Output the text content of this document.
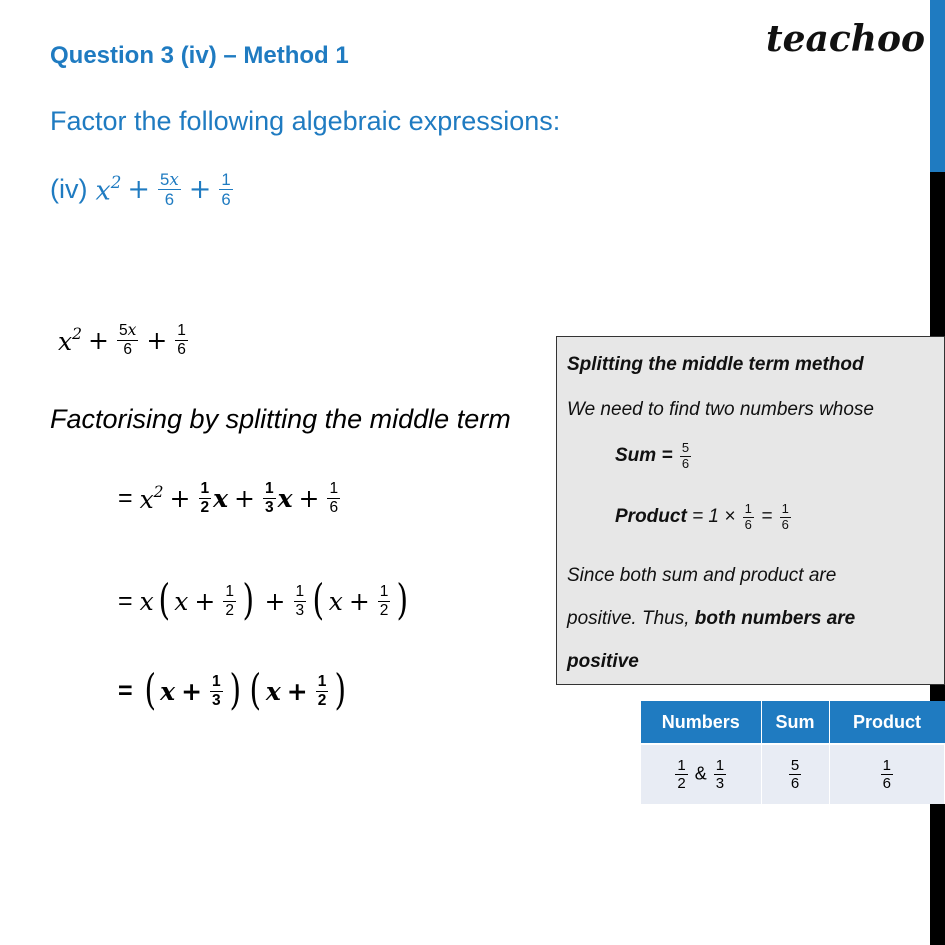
teachoo
Question 3 (iv) – Method 1
Factor the following algebraic expressions:
(iv) $x^2 + \frac{5x}{6} + \frac{1}{6}$
$x^2 + \frac{5x}{6} + \frac{1}{6}$
Factorising by splitting the middle term
=
$x^2 + \frac{1}{2}$ $x + \frac{1}{3}$ $x + \frac{1}{6}$
=
x ( $x + \frac{1}{2}$ ) + $\frac{1}{3}$ ( $x + \frac{1}{2}$ )
=
( $x + \frac{1}{3}$ ) ( $x + \frac{1}{2}$ )
Splitting the middle term method
We need to find two numbers whose
Sum =
$\frac{5}{6}$
Product
= 1 ×
$\frac{1}{6}$
=
$\frac{1}{6}$
Since both sum and product are
positive. Thus,
both numbers are
positive
Numbers	Sum	Product

$\frac{1}{2}$ & $\frac{1}{3}$	$\frac{5}{6}$	$\frac{1}{6}$
